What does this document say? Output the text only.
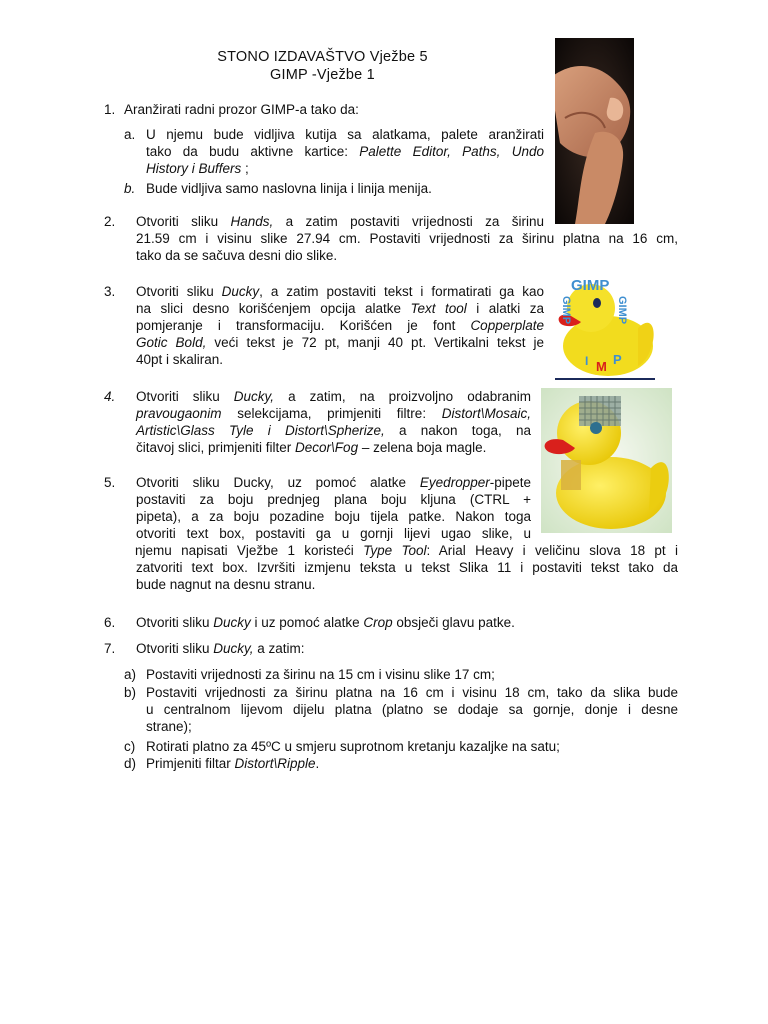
STONO IZDAVAŠTVO Vježbe 5
GIMP -Vježbe 1
1. Aranžirati radni prozor GIMP-a tako da:
a. U njemu bude vidljiva kutija sa alatkama, palete aranžirati
tako da budu aktivne kartice: Palette Editor, Paths, Undo
History i Buffers ;
b. Bude vidljiva samo naslovna linija i linija menija.
2. Otvoriti sliku Hands, a zatim postaviti vrijednosti za širinu
21.59 cm i visinu slike 27.94 cm. Postaviti vrijednosti za širinu platna na 16 cm,
tako da se sačuva desni dio slike.
GIMP
GIMP	GIMP
I M P
3. Otvoriti sliku Ducky, a zatim postaviti tekst i formatirati ga kao
na slici desno korišćenjem opcija alatke Text tool i alatki za
pomjeranje i transformaciju. Korišćen je font Copperplate
Gotic Bold, veći tekst je 72 pt, manji 40 pt. Vertikalni tekst je
40pt i skaliran.
4. Otvoriti sliku Ducky, a zatim, na proizvoljno odabranim
pravougaonim selekcijama, primjeniti filtre: Distort\Mosaic,
Artistic\Glass Tyle i Distort\Spherize, a nakon toga, na
čitavoj slici, primjeniti filter Decor\Fog – zelena boja magle.
5. Otvoriti sliku Ducky, uz pomoć alatke Eyedropper-pipete
postaviti za boju prednjeg plana boju kljuna (CTRL +
pipeta), a za boju pozadine boju tijela patke. Nakon toga
otvoriti text box, postaviti ga u gornji lijevi ugao slike, u
njemu napisati Vježbe 1 koristeći Type Tool: Arial Heavy i veličinu slova 18 pt i
zatvoriti text box. Izvršiti izmjenu teksta u tekst Slika 11 i postaviti tekst tako da
bude nagnut na desnu stranu.
6. Otvoriti sliku Ducky i uz pomoć alatke Crop obsječi glavu patke.
7. Otvoriti sliku Ducky, a zatim:
a) Postaviti vrijednosti za širinu na 15 cm i visinu slike 17 cm;
b) Postaviti vrijednosti za širinu platna na 16 cm i visinu 18 cm, tako da slika bude
u centralnom lijevom dijelu platna (platno se dodaje sa gornje, donje i desne
strane);
c) Rotirati platno za 45ºC u smjeru suprotnom kretanju kazaljke na satu;
d) Primjeniti filtar Distort\Ripple.
